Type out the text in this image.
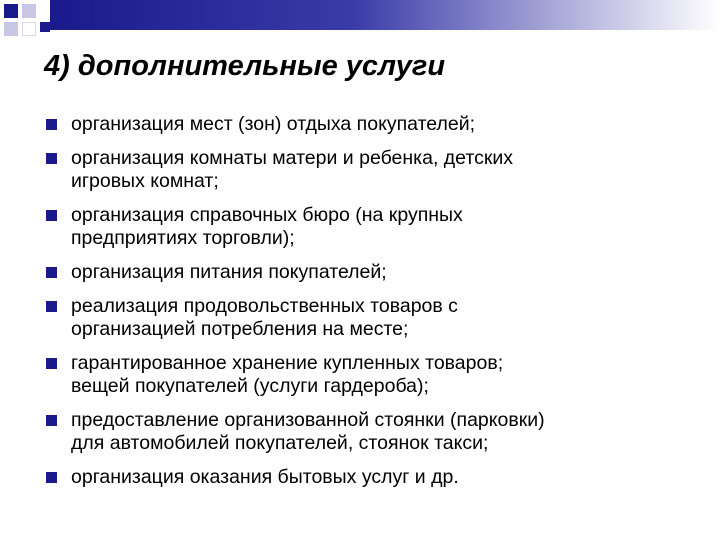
4) дополнительные услуги
организация мест (зон) отдыха покупателей;
организация комнаты матери и ребенка, детских
игровых комнат;
организация справочных бюро (на крупных
предприятиях торговли);
организация питания покупателей;
реализация продовольственных товаров с
организацией потребления на месте;
гарантированное хранение купленных товаров;
вещей покупателей (услуги гардероба);
предоставление организованной стоянки (парковки)
для автомобилей покупателей, стоянок такси;
организация оказания бытовых услуг и др.
